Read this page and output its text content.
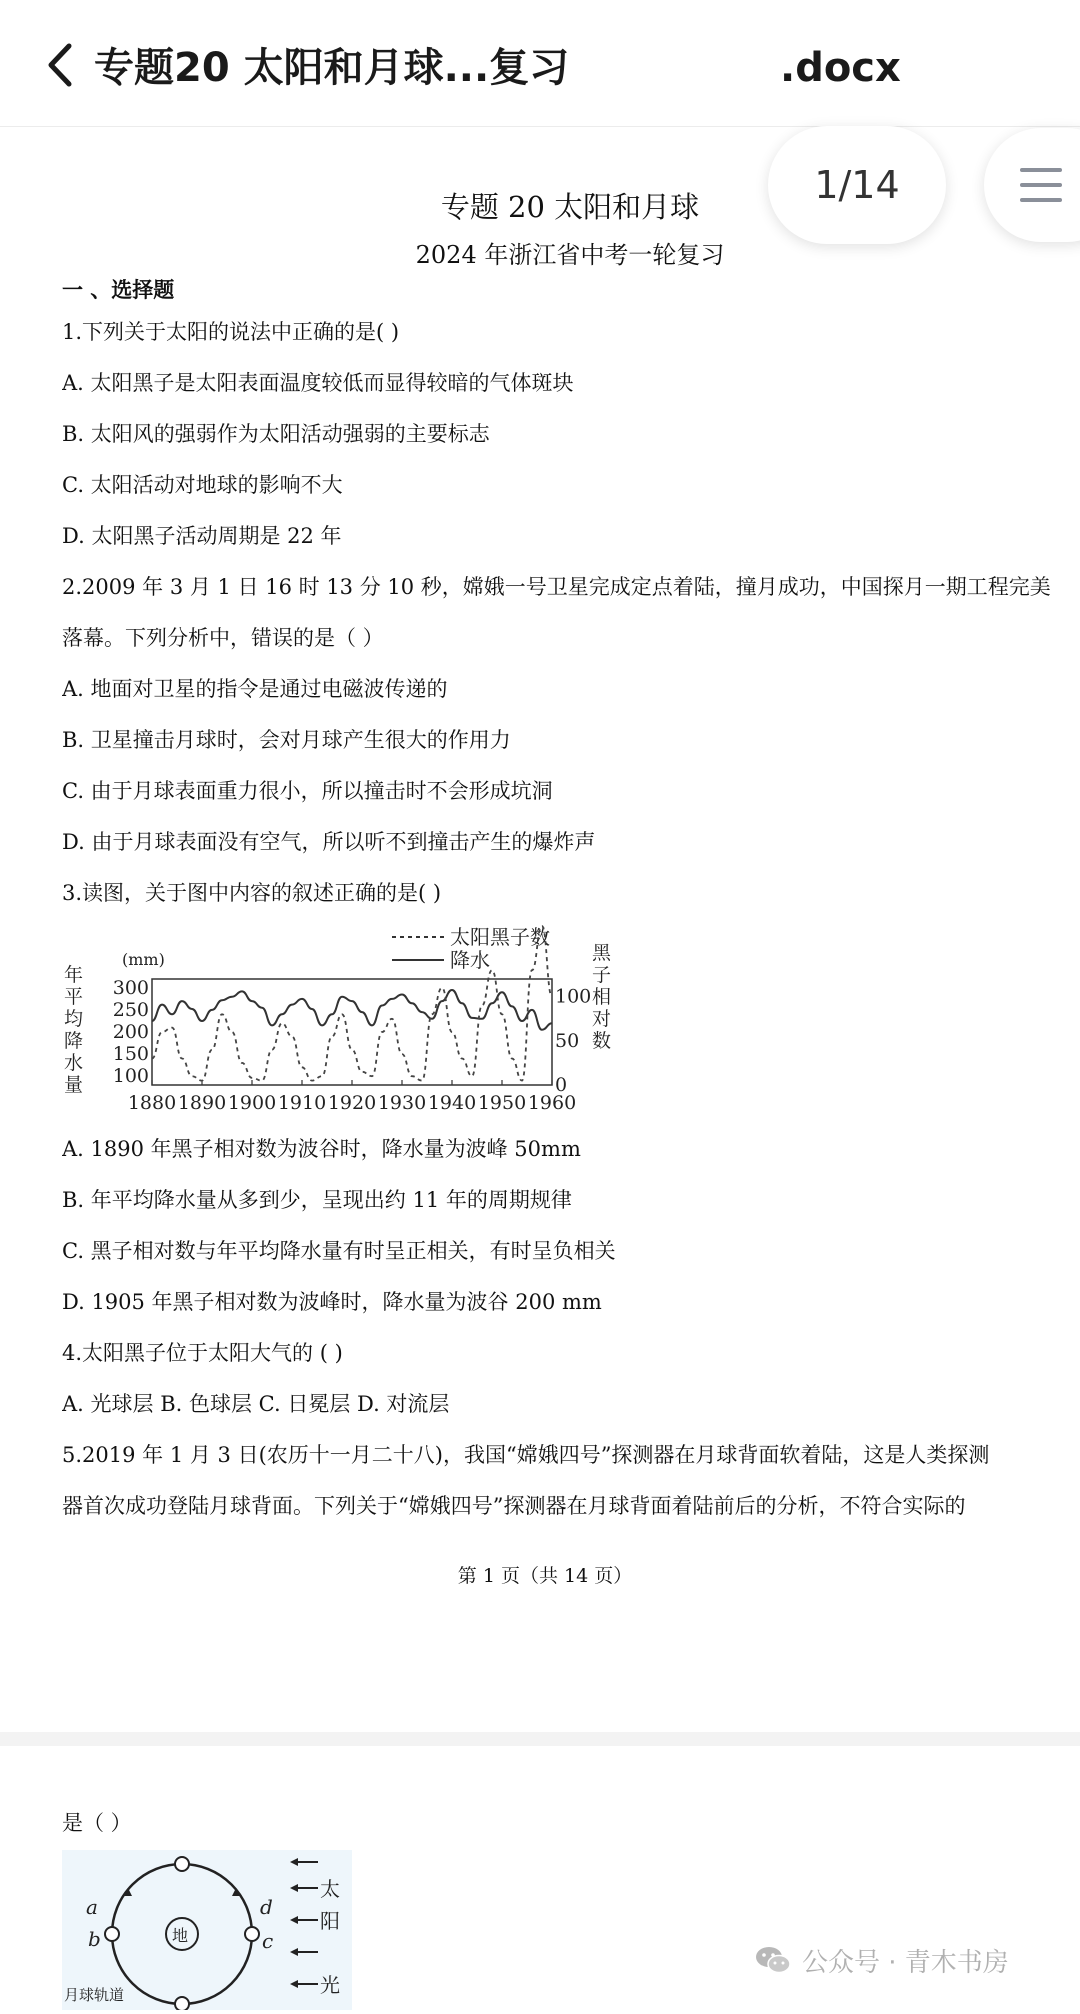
专题20 太阳和月球...复习	.docx
专题 20 太阳和月球
2024 年浙江省中考一轮复习
一 、选择题
1.下列关于太阳的说法中正确的是( )
A. 太阳黑子是太阳表面温度较低而显得较暗的气体斑块
B. 太阳风的强弱作为太阳活动强弱的主要标志
C. 太阳活动对地球的影响不大
D. 太阳黑子活动周期是 22 年
2.2009 年 3 月 1 日 16 时 13 分 10 秒，嫦娥一号卫星完成定点着陆，撞月成功，中国探月一期工程完美
落幕。下列分析中，错误的是（ ）
A. 地面对卫星的指令是通过电磁波传递的
B. 卫星撞击月球时，会对月球产生很大的作用力
C. 由于月球表面重力很小，所以撞击时不会形成坑洞
D. 由于月球表面没有空气，所以听不到撞击产生的爆炸声
3.读图，关于图中内容的叙述正确的是( )
太阳黑子数
降水
(mm)
年平均降水量
黑子相对数
1880 1890 1900 1910 1920 1930 1940 1950 1960
100
150
200
250
300
0
50
100
A. 1890 年黑子相对数为波谷时，降水量为波峰 50mm
B. 年平均降水量从多到少，呈现出约 11 年的周期规律
C. 黑子相对数与年平均降水量有时呈正相关，有时呈负相关
D. 1905 年黑子相对数为波峰时，降水量为波谷 200 mm
4.太阳黑子位于太阳大气的 ( )
A. 光球层 B. 色球层 C. 日冕层 D. 对流层
5.2019 年 1 月 3 日(农历十一月二十八)，我国“嫦娥四号”探测器在月球背面软着陆，这是人类探测
器首次成功登陆月球背面。下列关于“嫦娥四号”探测器在月球背面着陆前后的分析，不符合实际的
第 1 页（共 14 页）
1/14
是（ ）
地
a
b	c
d
太
阳
光
月球轨道
公众号 · 青木书房
